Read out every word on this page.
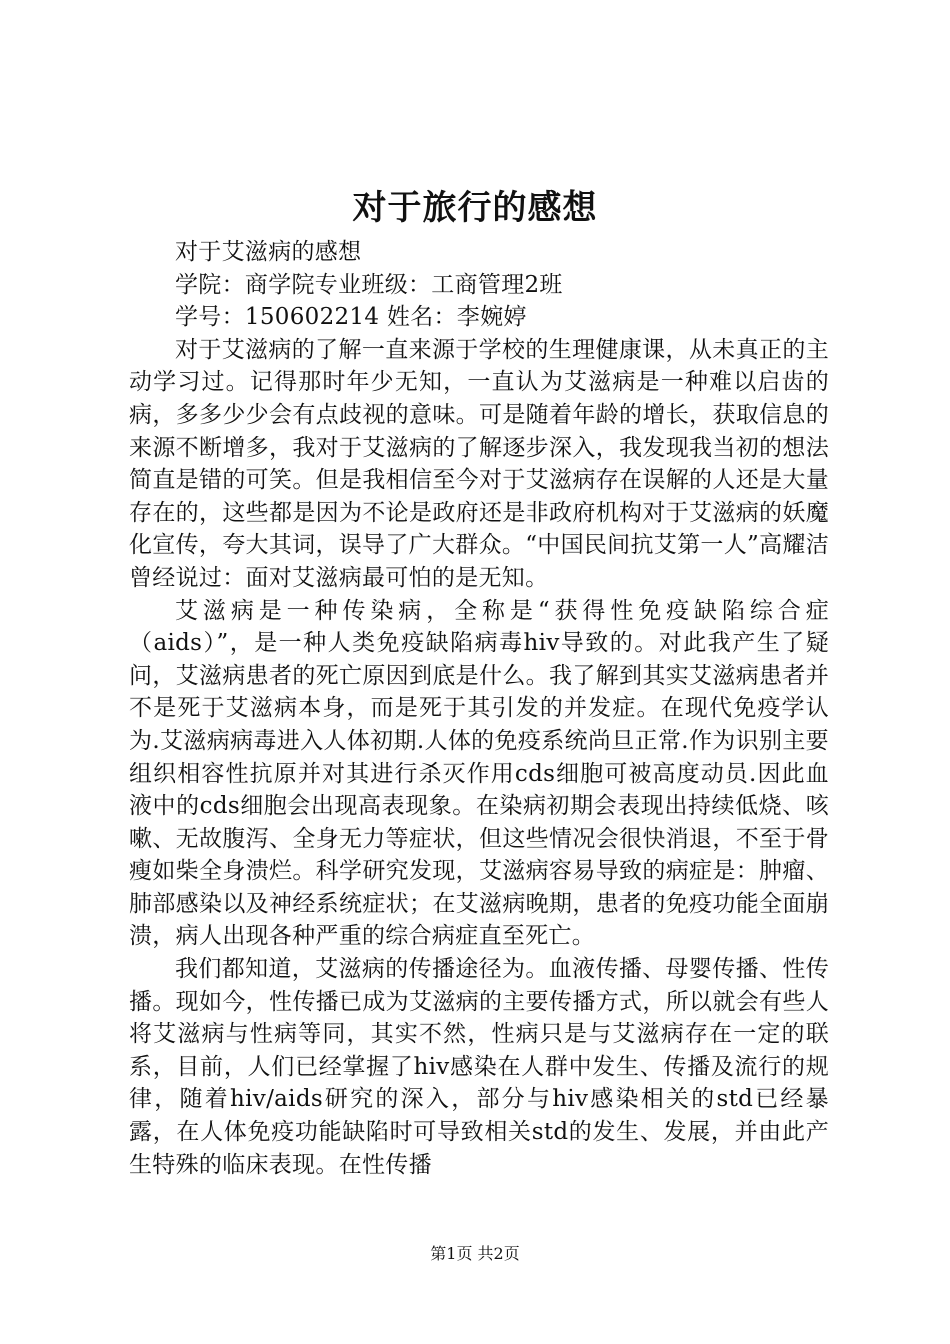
对于旅行的感想

对于艾滋病的感想

学院：商学院专业班级：工商管理2班

学号：150602214 姓名：李婉婷

对于艾滋病的了解一直来源于学校的生理健康课，从未真正的主动学习过。记得那时年少无知，一直认为艾滋病是一种难以启齿的病，多多少少会有点歧视的意味。可是随着年龄的增长，获取信息的来源不断增多，我对于艾滋病的了解逐步深入，我发现我当初的想法简直是错的可笑。但是我相信至今对于艾滋病存在误解的人还是大量存在的，这些都是因为不论是政府还是非政府机构对于艾滋病的妖魔化宣传，夸大其词，误导了广大群众。“中国民间抗艾第一人”高耀洁曾经说过：面对艾滋病最可怕的是无知。

艾滋病是一种传染病，全称是“获得性免疫缺陷综合症（aids）”，是一种人类免疫缺陷病毒hiv导致的。对此我产生了疑问，艾滋病患者的死亡原因到底是什么。我了解到其实艾滋病患者并不是死于艾滋病本身，而是死于其引发的并发症。在现代免疫学认为.艾滋病病毒进入人体初期.人体的免疫系统尚旦正常.作为识别主要组织相容性抗原并对其进行杀灭作用cds细胞可被高度动员.因此血液中的cds细胞会出现高表现象。在染病初期会表现出持续低烧、咳嗽、无故腹泻、全身无力等症状，但这些情况会很快消退，不至于骨瘦如柴全身溃烂。科学研究发现，艾滋病容易导致的病症是：肿瘤、肺部感染以及神经系统症状；在艾滋病晚期，患者的免疫功能全面崩溃，病人出现各种严重的综合病症直至死亡。

我们都知道，艾滋病的传播途径为。血液传播、母婴传播、性传播。现如今，性传播已成为艾滋病的主要传播方式，所以就会有些人将艾滋病与性病等同，其实不然，性病只是与艾滋病存在一定的联系，目前，人们已经掌握了hiv感染在人群中发生、传播及流行的规律，随着hiv/aids研究的深入，部分与hiv感染相关的std已经暴露，在人体免疫功能缺陷时可导致相关std的发生、发展，并由此产生特殊的临床表现。在性传播

第1页 共2页
